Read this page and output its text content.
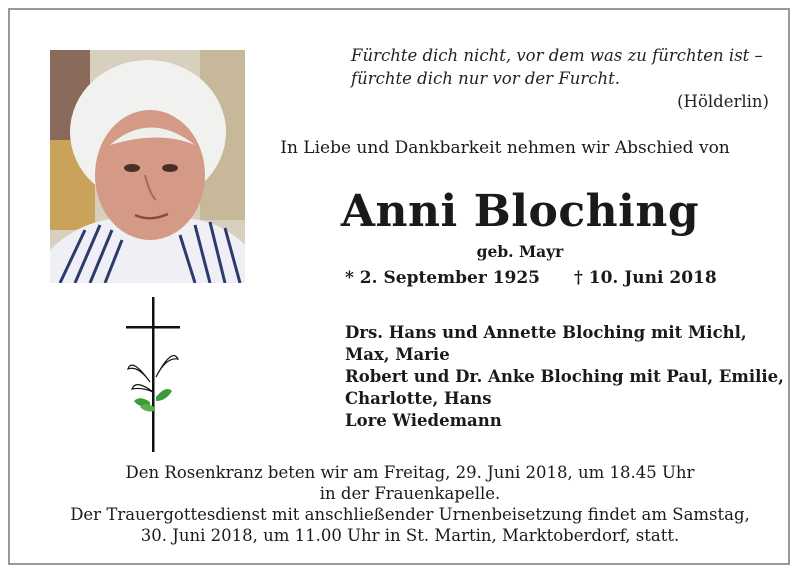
Fürchte dich nicht, vor dem was zu fürchten ist –

fürchte dich nur vor der Furcht.

(Hölderlin)

In Liebe und Dankbarkeit nehmen wir Abschied von
Anni Bloching
geb. Mayr
* 2. September 1925 † 10. Juni 2018
Drs. Hans und Annette Bloching mit Michl,
Max, Marie
Robert und Dr. Anke Bloching mit Paul, Emilie,
Charlotte, Hans
Lore Wiedemann

Den Rosenkranz beten wir am Freitag, 29. Juni 2018, um 18.45 Uhr

in der Frauenkapelle.

Der Trauergottesdienst mit anschließender Urnenbeisetzung findet am Samstag,

30. Juni 2018, um 11.00 Uhr in St. Martin, Marktoberdorf, statt.
